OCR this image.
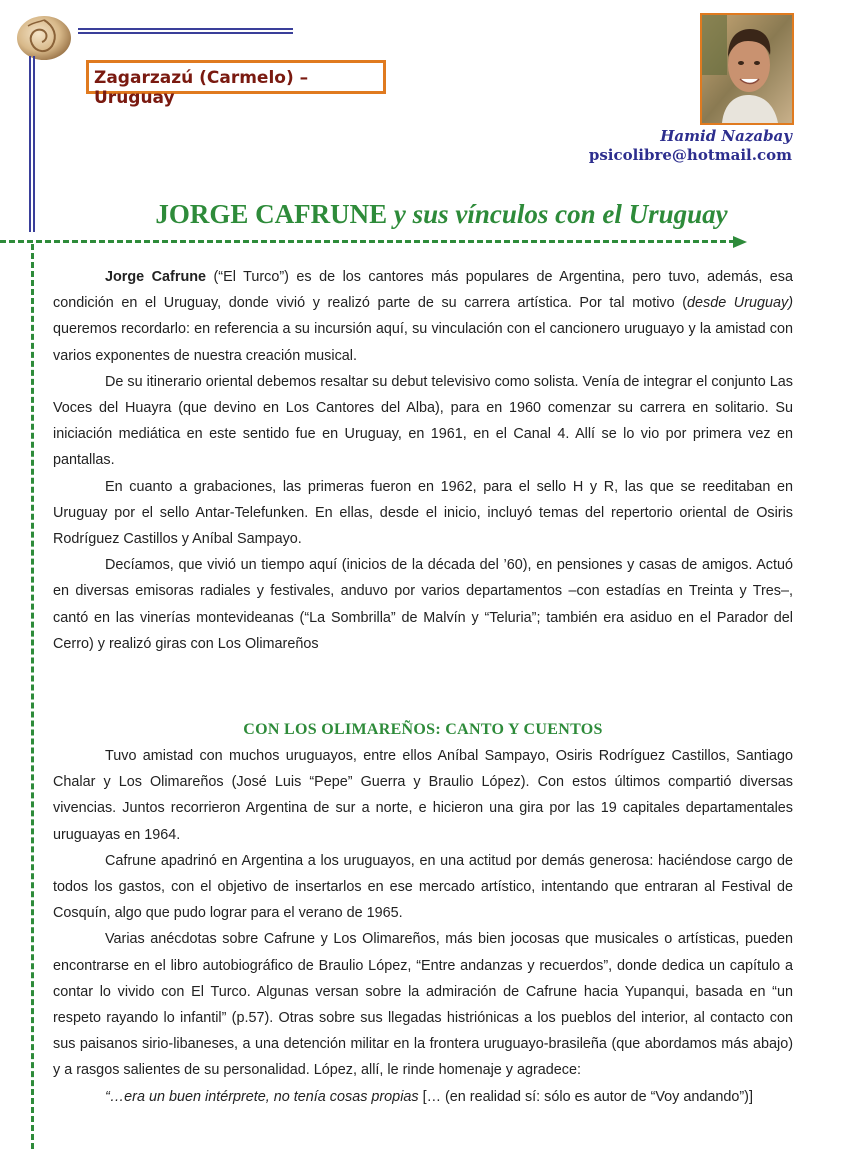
Zagarzazú (Carmelo) – Uruguay
Hamid Nazabay
psicolibre@hotmail.com
JORGE CAFRUNE y sus vínculos con el Uruguay

Jorge Cafrune (“El Turco”) es de los cantores más populares de Argentina, pero tuvo, además, esa condición en el Uruguay, donde vivió y realizó parte de su carrera artística. Por tal motivo (desde Uruguay) queremos recordarlo: en referencia a su incursión aquí, su vinculación con el cancionero uruguayo y la amistad con varios exponentes de nuestra creación musical.

De su itinerario oriental debemos resaltar su debut televisivo como solista. Venía de integrar el conjunto Las Voces del Huayra (que devino en Los Cantores del Alba), para en 1960 comenzar su carrera en solitario. Su iniciación mediática en este sentido fue en Uruguay, en 1961, en el Canal 4. Allí se lo vio por primera vez en pantallas.

En cuanto a grabaciones, las primeras fueron en 1962, para el sello H y R, las que se reeditaban en Uruguay por el sello Antar-Telefunken. En ellas, desde el inicio, incluyó temas del repertorio oriental de Osiris Rodríguez Castillos y Aníbal Sampayo.

Decíamos, que vivió un tiempo aquí (inicios de la década del ’60), en pensiones y casas de amigos. Actuó en diversas emisoras radiales y festivales, anduvo por varios departamentos –con estadías en Treinta y Tres–, cantó en las vinerías montevideanas (“La Sombrilla” de Malvín y “Teluria”; también era asiduo en el Parador del Cerro) y realizó giras con Los Olimareños

CON LOS OLIMAREÑOS: CANTO Y CUENTOS

Tuvo amistad con muchos uruguayos, entre ellos Aníbal Sampayo, Osiris Rodríguez Castillos, Santiago Chalar y Los Olimareños (José Luis “Pepe” Guerra y Braulio López). Con estos últimos compartió diversas vivencias. Juntos recorrieron Argentina de sur a norte, e hicieron una gira por las 19 capitales departamentales uruguayas en 1964.

Cafrune apadrinó en Argentina a los uruguayos, en una actitud por demás generosa: haciéndose cargo de todos los gastos, con el objetivo de insertarlos en ese mercado artístico, intentando que entraran al Festival de Cosquín, algo que pudo lograr para el verano de 1965.

Varias anécdotas sobre Cafrune y Los Olimareños, más bien jocosas que musicales o artísticas, pueden encontrarse en el libro autobiográfico de Braulio López, “Entre andanzas y recuerdos”, donde dedica un capítulo a contar lo vivido con El Turco. Algunas versan sobre la admiración de Cafrune hacia Yupanqui, basada en “un respeto rayando lo infantil” (p.57). Otras sobre sus llegadas histriónicas a los pueblos del interior, al contacto con sus paisanos sirio-libaneses, a una detención militar en la frontera uruguayo-brasileña (que abordamos más abajo) y a rasgos salientes de su personalidad. López, allí, le rinde homenaje y agradece:

“…era un buen intérprete, no tenía cosas propias [… (en realidad sí: sólo es autor de “Voy andando”)]
